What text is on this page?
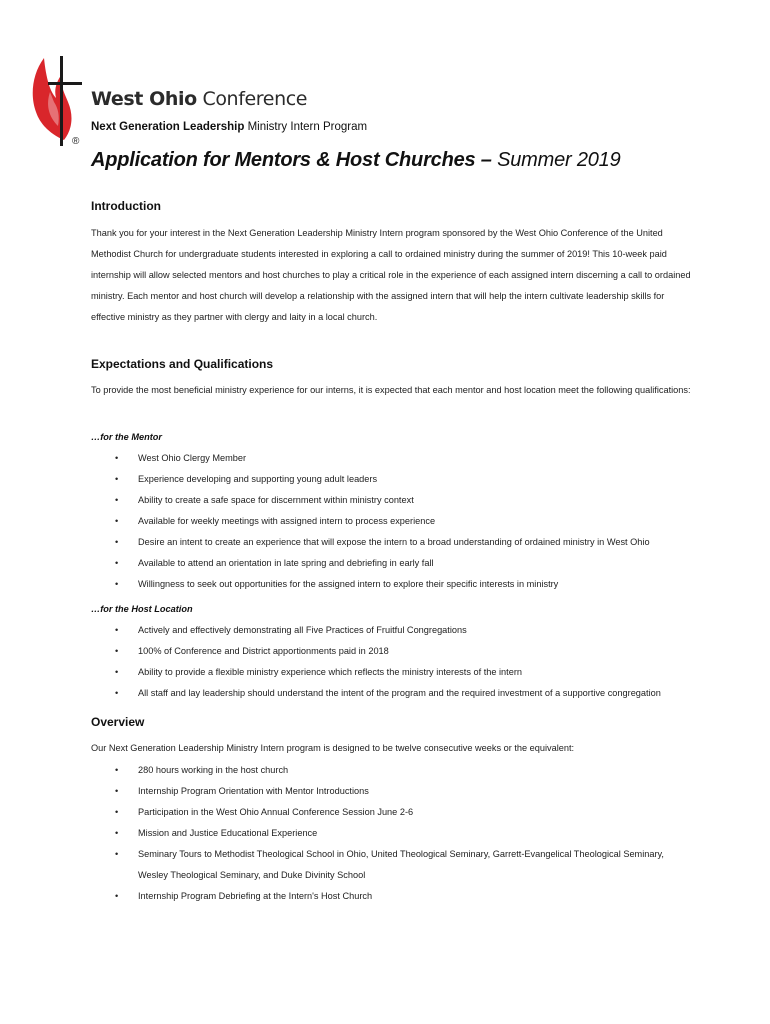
®
West Ohio Conference
Next Generation Leadership Ministry Intern Program
Application for Mentors & Host Churches – Summer 2019
Introduction
Thank you for your interest in the Next Generation Leadership Ministry Intern program sponsored by the West Ohio Conference of the United Methodist Church for undergraduate students interested in exploring a call to ordained ministry during the summer of 2019! This 10-week paid internship will allow selected mentors and host churches to play a critical role in the experience of each assigned intern discerning a call to ordained ministry. Each mentor and host church will develop a relationship with the assigned intern that will help the intern cultivate leadership skills for effective ministry as they partner with clergy and laity in a local church.
Expectations and Qualifications
To provide the most beneficial ministry experience for our interns, it is expected that each mentor and host location meet the following qualifications:
…for the Mentor
• West Ohio Clergy Member
• Experience developing and supporting young adult leaders
• Ability to create a safe space for discernment within ministry context
• Available for weekly meetings with assigned intern to process experience
• Desire an intent to create an experience that will expose the intern to a broad understanding of ordained ministry in West Ohio
• Available to attend an orientation in late spring and debriefing in early fall
• Willingness to seek out opportunities for the assigned intern to explore their specific interests in ministry
…for the Host Location
• Actively and effectively demonstrating all Five Practices of Fruitful Congregations
• 100% of Conference and District apportionments paid in 2018
• Ability to provide a flexible ministry experience which reflects the ministry interests of the intern
• All staff and lay leadership should understand the intent of the program and the required investment of a supportive congregation
Overview
Our Next Generation Leadership Ministry Intern program is designed to be twelve consecutive weeks or the equivalent:
• 280 hours working in the host church
• Internship Program Orientation with Mentor Introductions
• Participation in the West Ohio Annual Conference Session June 2-6
• Mission and Justice Educational Experience
• Seminary Tours to Methodist Theological School in Ohio, United Theological Seminary, Garrett-Evangelical Theological Seminary, Wesley Theological Seminary, and Duke Divinity School
• Internship Program Debriefing at the Intern's Host Church
